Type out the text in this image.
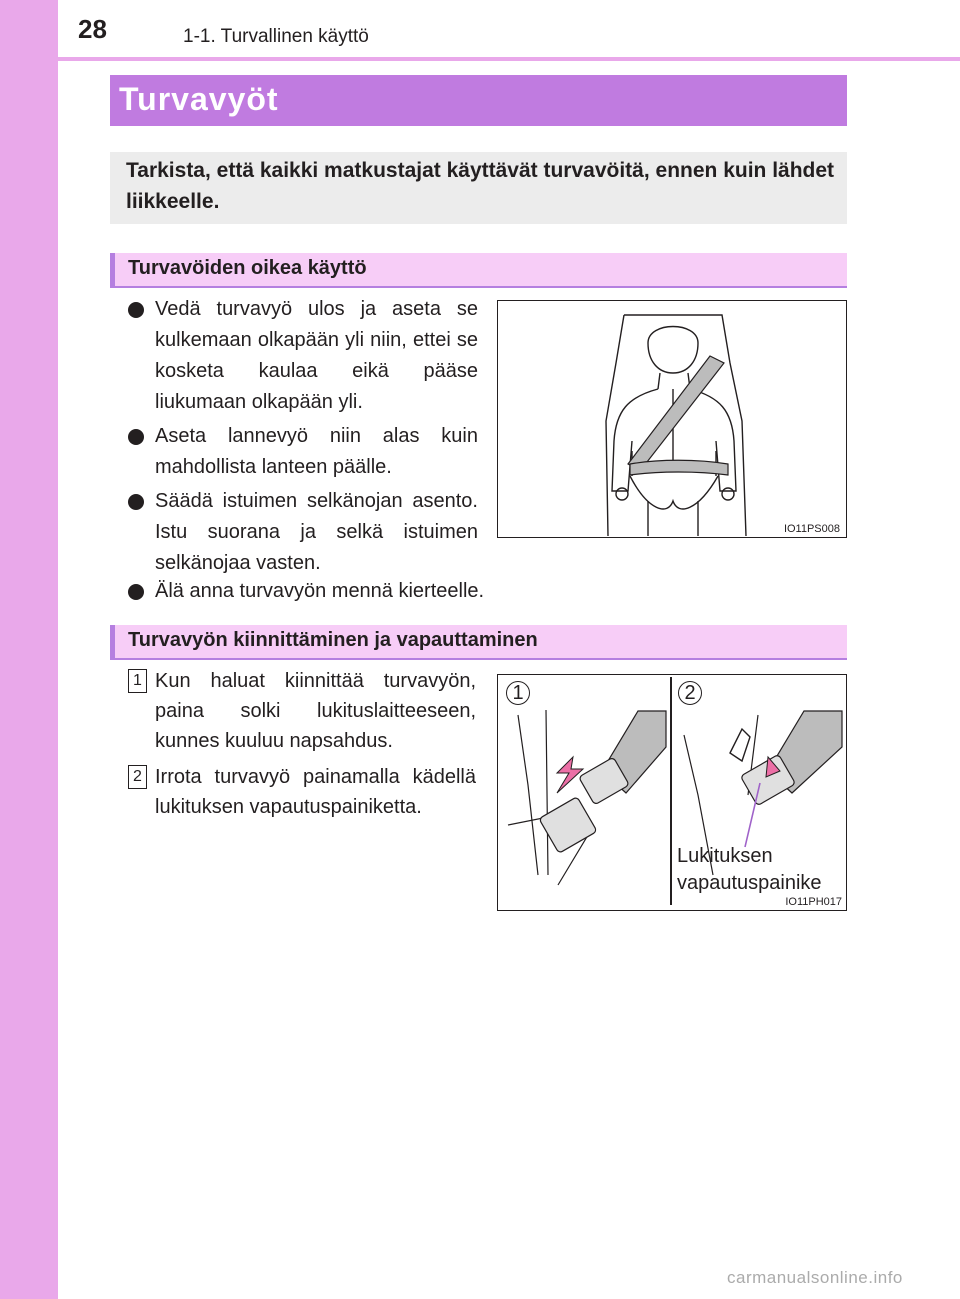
28	1-1. Turvallinen käyttö
Turvavyöt

Tarkista, että kaikki matkustajat käyttävät turvavöitä, ennen kuin lähdet liikkeelle.

Turvavöiden oikea käyttö
Vedä turvavyö ulos ja aseta se kulkemaan olkapään yli niin, ettei se kosketa kaulaa eikä pääse liukumaan olkapään yli.
Aseta lannevyö niin alas kuin mahdollista lanteen päälle.
Säädä istuimen selkänojan asento. Istu suorana ja selkä istuimen selkänojaa vasten.
Älä anna turvavyön mennä kierteelle.
IO11PS008
Turvavyön kiinnittäminen ja vapauttaminen
1 Kun haluat kiinnittää turvavyön, paina solki lukituslaitteeseen, kunnes kuuluu napsahdus.
2 Irrota turvavyö painamalla kädellä lukituksen vapautuspainiketta.
1	2
Lukituksen
vapautuspainike
IO11PH017
carmanualsonline.info
